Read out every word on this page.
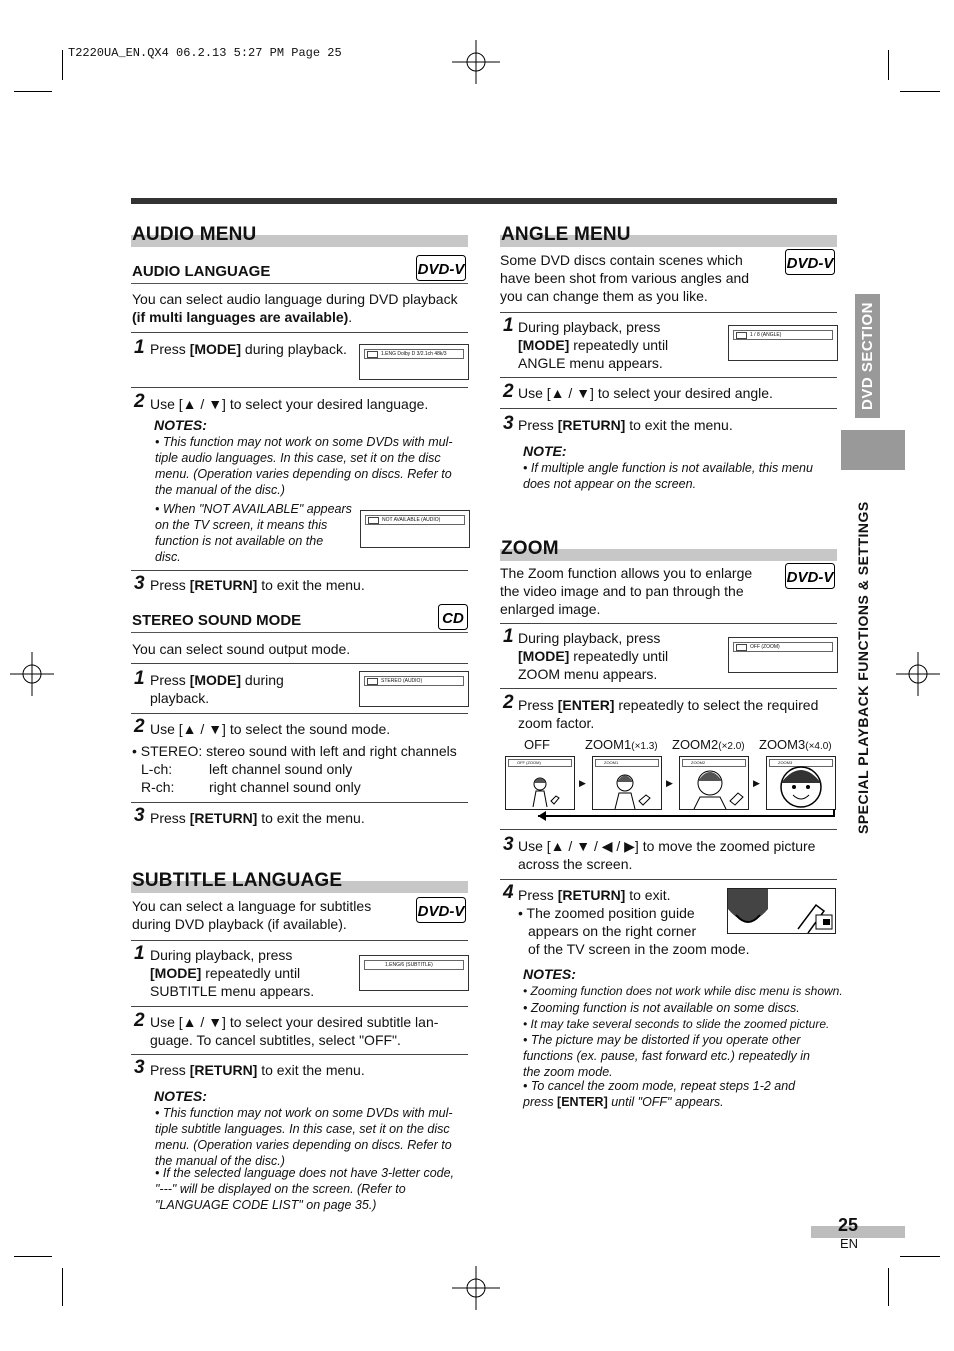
T2220UA_EN.QX4 06.2.13 5:27 PM Page 25
DVD SECTION
SPECIAL PLAYBACK FUNCTIONS & SETTINGS
AUDIO MENU
AUDIO LANGUAGE	DVD-V
You can select audio language during DVD playback
(if multi languages are available).
1 Press [MODE] during playback.	1.ENG Dolby D 3/2.1ch 48k/3
2 Use [▲ / ▼] to select your desired language.
NOTES:
• This function may not work on some DVDs with mul-
tiple audio languages. In this case, set it on the disc
menu. (Operation varies depending on discs. Refer to
the manual of the disc.)
• When "NOT AVAILABLE" appears
on the TV screen, it means this
function is not available on the
disc.
NOT AVAILABLE (AUDIO)
3 Press [RETURN] to exit the menu.
STEREO SOUND MODE	CD
You can select sound output mode.
1 Press [MODE] during
playback.
STEREO (AUDIO)
2 Use [▲ / ▼] to select the sound mode.
• STEREO: stereo sound with left and right channels
L-ch:	left channel sound only
R-ch: right channel sound only
3 Press [RETURN] to exit the menu.
SUBTITLE LANGUAGE
DVD-V
You can select a language for subtitles
during DVD playback (if available).
1 During playback, press
[MODE] repeatedly until
SUBTITLE menu appears.
1.ENG/6 (SUBTITLE)
2 Use [▲ / ▼] to select your desired subtitle lan-
guage. To cancel subtitles, select "OFF".
3 Press [RETURN] to exit the menu.
NOTES:
• This function may not work on some DVDs with mul-
tiple subtitle languages. In this case, set it on the disc
menu. (Operation varies depending on discs. Refer to
the manual of the disc.)
• If the selected language does not have 3-letter code,
"---" will be displayed on the screen. (Refer to
"LANGUAGE CODE LIST" on page 35.)
ANGLE MENU
DVD-V
Some DVD discs contain scenes which
have been shot from various angles and
you can change them as you like.
1 During playback, press
[MODE] repeatedly until
ANGLE menu appears.
1 / 8 (ANGLE)
2 Use [▲ / ▼] to select your desired angle.
3 Press [RETURN] to exit the menu.
NOTE:
• If multiple angle function is not available, this menu
does not appear on the screen.
ZOOM
DVD-V
The Zoom function allows you to enlarge
the video image and to pan through the
enlarged image.
1 During playback, press
[MODE] repeatedly until
ZOOM menu appears.
OFF (ZOOM)
2 Press [ENTER] repeatedly to select the required
zoom factor.
OFF	ZOOM1(×1.3) ZOOM2(×2.0) ZOOM3(×4.0)
OFF (ZOOM)
▶
ZOOM1
▶
ZOOM2
▶
ZOOM3
3 Use [▲ / ▼ / ◀ / ▶] to move the zoomed picture
across the screen.
4 Press [RETURN] to exit.
• The zoomed position guide
appears on the right corner
of the TV screen in the zoom mode.
NOTES:
• Zooming function does not work while disc menu is shown.
• Zooming function is not available on some discs.
• It may take several seconds to slide the zoomed picture.
• The picture may be distorted if you operate other
functions (ex. pause, fast forward etc.) repeatedly in
the zoom mode.
• To cancel the zoom mode, repeat steps 1-2 and
press [ENTER] until "OFF" appears.
25
EN
